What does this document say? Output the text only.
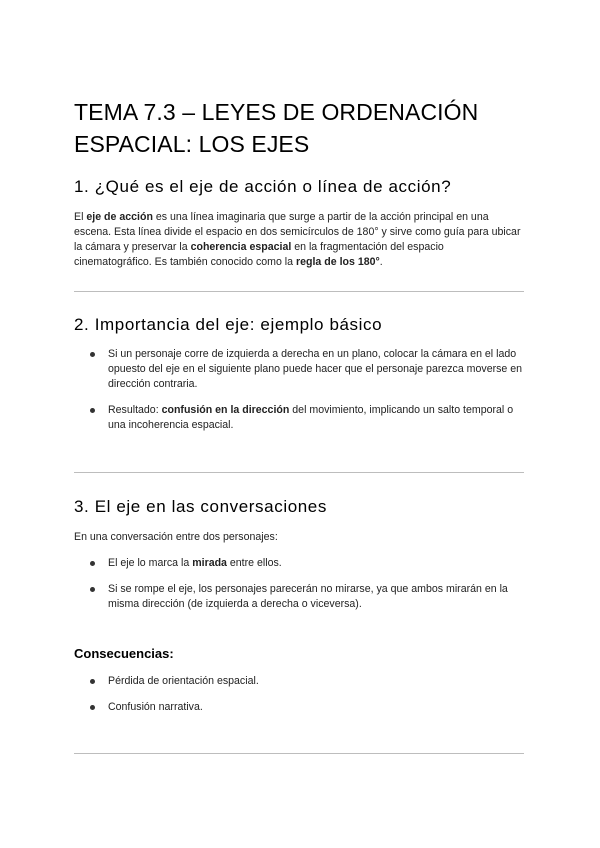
TEMA 7.3 – LEYES DE ORDENACIÓN ESPACIAL: LOS EJES
1. ¿Qué es el eje de acción o línea de acción?

El eje de acción es una línea imaginaria que surge a partir de la acción principal en una escena. Esta línea divide el espacio en dos semicírculos de 180° y sirve como guía para ubicar la cámara y preservar la coherencia espacial en la fragmentación del espacio cinematográfico. Es también conocido como la regla de los 180°.

2. Importancia del eje: ejemplo básico
Si un personaje corre de izquierda a derecha en un plano, colocar la cámara en el lado opuesto del eje en el siguiente plano puede hacer que el personaje parezca moverse en dirección contraria.
Resultado: confusión en la dirección del movimiento, implicando un salto temporal o una incoherencia espacial.
3. El eje en las conversaciones

En una conversación entre dos personajes:

El eje lo marca la mirada entre ellos.
Si se rompe el eje, los personajes parecerán no mirarse, ya que ambos mirarán en la misma dirección (de izquierda a derecha o viceversa).
Consecuencias:
Pérdida de orientación espacial.
Confusión narrativa.
